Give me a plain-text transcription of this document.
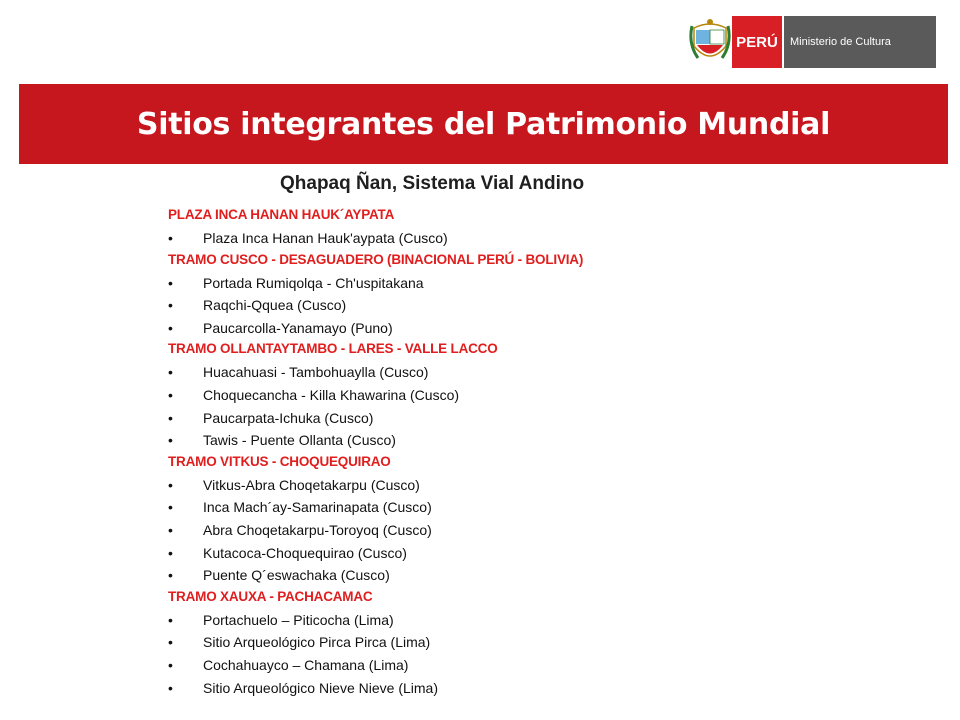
PERÚ	Ministerio de Cultura
Sitios integrantes del Patrimonio Mundial
Qhapaq Ñan, Sistema Vial Andino
PLAZA INCA HANAN HAUK´AYPATA
•	Plaza Inca Hanan Hauk'aypata (Cusco)
TRAMO CUSCO - DESAGUADERO (BINACIONAL PERÚ - BOLIVIA)
•	Portada Rumiqolqa - Ch'uspitakana
•	Raqchi-Qquea (Cusco)
•	Paucarcolla-Yanamayo (Puno)
TRAMO OLLANTAYTAMBO - LARES - VALLE LACCO
•	Huacahuasi - Tambohuaylla (Cusco)
•	Choquecancha - Killa Khawarina (Cusco)
•	Paucarpata-Ichuka (Cusco)
•	Tawis - Puente Ollanta (Cusco)
TRAMO VITKUS - CHOQUEQUIRAO
•	Vitkus-Abra Choqetakarpu (Cusco)
•	Inca Mach´ay-Samarinapata (Cusco)
•	Abra Choqetakarpu-Toroyoq (Cusco)
•	Kutacoca-Choquequirao (Cusco)
•	Puente Q´eswachaka (Cusco)
TRAMO XAUXA - PACHACAMAC
•	Portachuelo – Piticocha (Lima)
•	Sitio Arqueológico Pirca Pirca (Lima)
•	Cochahuayco – Chamana (Lima)
•	Sitio Arqueológico Nieve Nieve (Lima)
